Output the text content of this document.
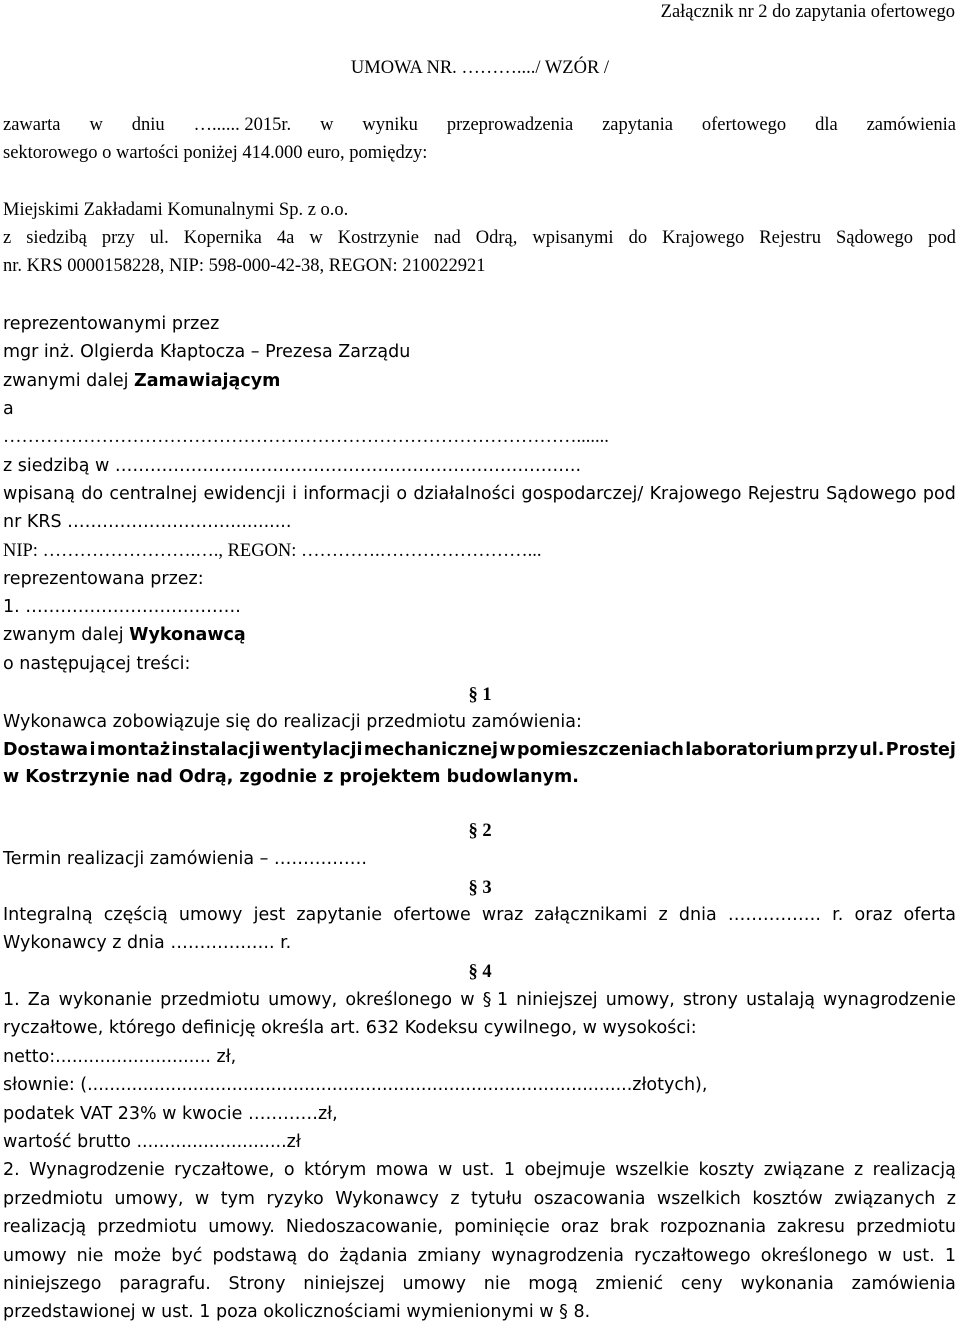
Załącznik nr 2 do zapytania ofertowego
UMOWA NR. ………..../ WZÓR /
zawarta w dniu …...... 2015r. w wyniku przeprowadzenia zapytania ofertowego dla zamówienia
sektorowego o wartości poniżej 414.000 euro, pomiędzy:
Miejskimi Zakładami Komunalnymi Sp. z o.o.
z siedzibą przy ul. Kopernika 4a w Kostrzynie nad Odrą, wpisanymi do Krajowego Rejestru Sądowego pod
nr. KRS 0000158228, NIP: 598-000-42-38, REGON: 210022921
reprezentowanymi przez
mgr inż. Olgierda Kłaptocza – Prezesa Zarządu
zwanymi dalej Zamawiającym
a
………………………………………………………………………………….......
z siedzibą w ……………………………………………………………………..
wpisaną do centralnej ewidencji i informacji o działalności gospodarczej/ Krajowego Rejestru Sądowego pod
nr KRS ………………………............
NIP: …………………….…., REGON: ………….……………………...
reprezentowana przez:
1. ……………………………….
zwanym dalej Wykonawcą
o następującej treści:
§ 1
Wykonawca zobowiązuje się do realizacji przedmiotu zamówienia:
Dostawa i montaż instalacji wentylacji mechanicznej w pomieszczeniach laboratorium przy ul. Prostej
w Kostrzynie nad Odrą, zgodnie z projektem budowlanym.
§ 2
Termin realizacji zamówienia – …………….
§ 3
Integralną częścią umowy jest zapytanie ofertowe wraz załącznikami z dnia ……………. r. oraz oferta
Wykonawcy z dnia ………….….. r.
§ 4
1. Za wykonanie przedmiotu umowy, określonego w § 1 niniejszej umowy, strony ustalają wynagrodzenie
ryczałtowe, którego definicję określa art. 632 Kodeksu cywilnego, w wysokości:
netto:............................ zł,
słownie: (..................................................................................................złotych),
podatek VAT 23% w kwocie …………zł,
wartość brutto ...........................zł
2. Wynagrodzenie ryczałtowe, o którym mowa w ust. 1 obejmuje wszelkie koszty związane z realizacją
przedmiotu umowy, w tym ryzyko Wykonawcy z tytułu oszacowania wszelkich kosztów związanych z
realizacją przedmiotu umowy. Niedoszacowanie, pominięcie oraz brak rozpoznania zakresu przedmiotu
umowy nie może być podstawą do żądania zmiany wynagrodzenia ryczałtowego określonego w ust. 1
niniejszego paragrafu. Strony niniejszej umowy nie mogą zmienić ceny wykonania zamówienia
przedstawionej w ust. 1 poza okolicznościami wymienionymi w § 8.
